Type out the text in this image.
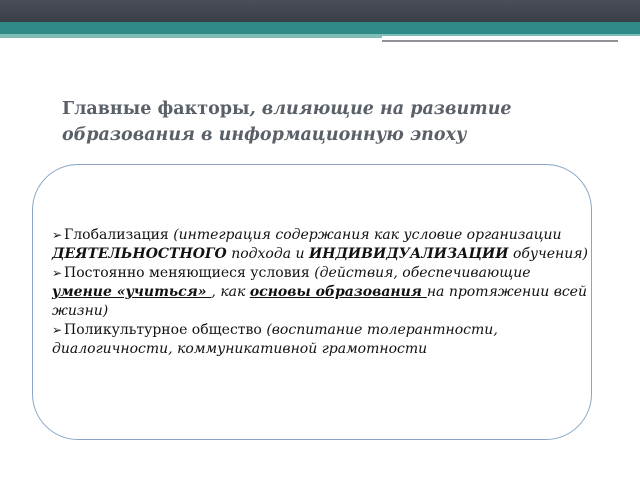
Главные факторы, влияющие на развитие образования в информационную эпоху
➢ Глобализация (интеграция содержания как условие организации ДЕЯТЕЛЬНОСТНОГО подхода и ИНДИВИДУАЛИЗАЦИИ обучения)
➢ Постоянно меняющиеся условия (действия, обеспечивающие умение «учиться» , как основы образования на протяжении всей жизни)
➢ Поликультурное общество (воспитание толерантности, диалогичности, коммуникативной грамотности
